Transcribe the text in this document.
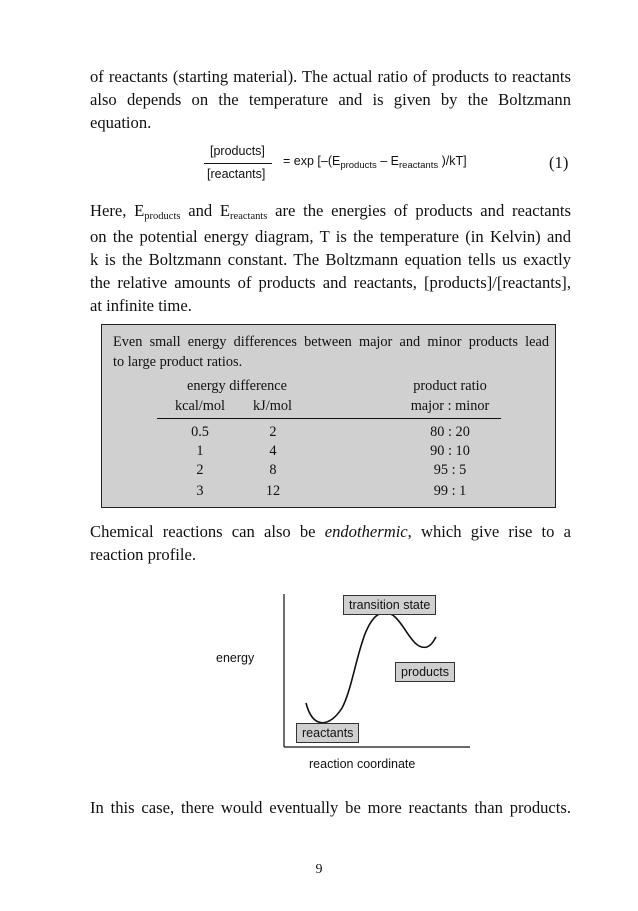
of reactants (starting material). The actual ratio of products to reactants
also depends on the temperature and is given by the Boltzmann
equation.
[products]
[reactants]
= $\exp [-(E_{products} - E_{reactants}$ )/kT]	(1)
Here, Eproducts and Ereactants are the energies of products and reactants
on the potential energy diagram, T is the temperature (in Kelvin) and
k is the Boltzmann constant. The Boltzmann equation tells us exactly
the relative amounts of products and reactants, [products]/[reactants],
at infinite time.
Even small energy differences between major and minor products lead
to large product ratios.
energy difference	product ratio
kcal/mol	kJ/mol	major : minor
0.5	2	80 : 20
1	4	90 : 10
2	8	95 : 5
3	12	99 : 1
Chemical reactions can also be endothermic, which give rise to a
reaction profile.
energy
reaction coordinate
transition state
products
reactants
In this case, there would eventually be more reactants than products.
9
